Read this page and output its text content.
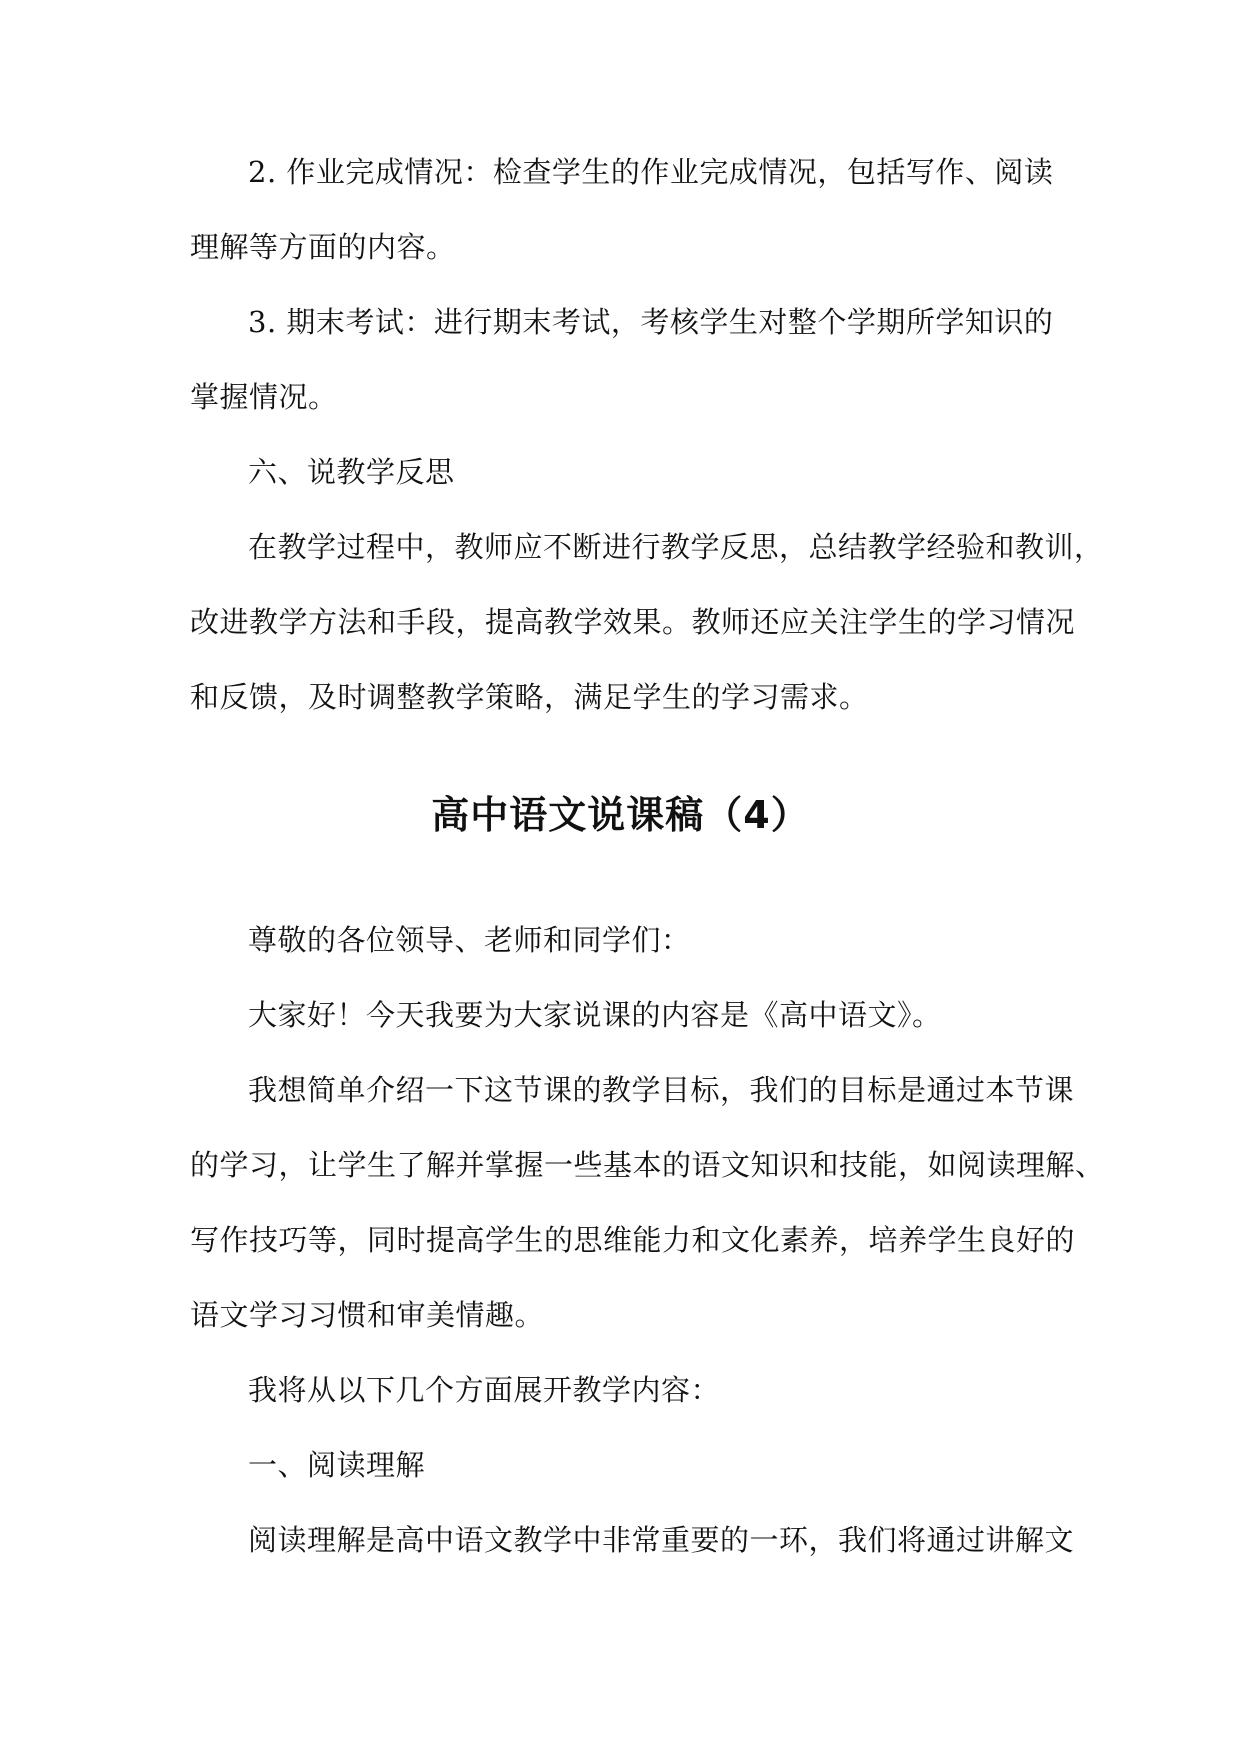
2. 作业完成情况：检查学生的作业完成情况，包括写作、阅读
理解等方面的内容。
3. 期末考试：进行期末考试，考核学生对整个学期所学知识的
掌握情况。
六、说教学反思
在教学过程中，教师应不断进行教学反思，总结教学经验和教训，
改进教学方法和手段，提高教学效果。教师还应关注学生的学习情况
和反馈，及时调整教学策略，满足学生的学习需求。
高中语文说课稿（4）
尊敬的各位领导、老师和同学们：
大家好！今天我要为大家说课的内容是《高中语文》。
我想简单介绍一下这节课的教学目标，我们的目标是通过本节课
的学习，让学生了解并掌握一些基本的语文知识和技能，如阅读理解、
写作技巧等，同时提高学生的思维能力和文化素养，培养学生良好的
语文学习习惯和审美情趣。
我将从以下几个方面展开教学内容：
一、阅读理解
阅读理解是高中语文教学中非常重要的一环，我们将通过讲解文
